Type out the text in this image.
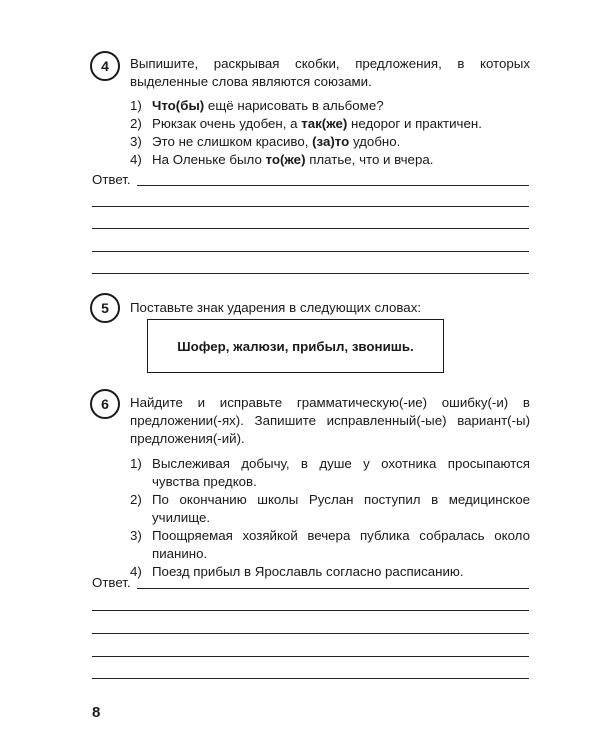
4	Выпишите, раскрывая скобки, предложения, в которых выделенные слова являются союзами.

1) Что(бы) ещё нарисовать в альбоме?
2) Рюкзак очень удобен, а так(же) недорог и практичен.
3) Это не слишком красиво, (за)то удобно.
4) На Оленьке было то(же) платье, что и вчера.
Ответ.
5	Поставьте знак ударения в следующих словах:

Шофер, жалюзи, прибыл, звонишь.
6	Найдите и исправьте грамматическую(-ие) ошибку(-и) в предложении(-ях). Запишите исправленный(-ые) вариант(-ы) предложения(-ий).

1) Выслеживая добычу, в душе у охотника просыпаются чувства предков.
2) По окончанию школы Руслан поступил в медицинское училище.
3) Поощряемая хозяйкой вечера публика собралась около пианино.
4) Поезд прибыл в Ярославль согласно расписанию.
Ответ.
8
